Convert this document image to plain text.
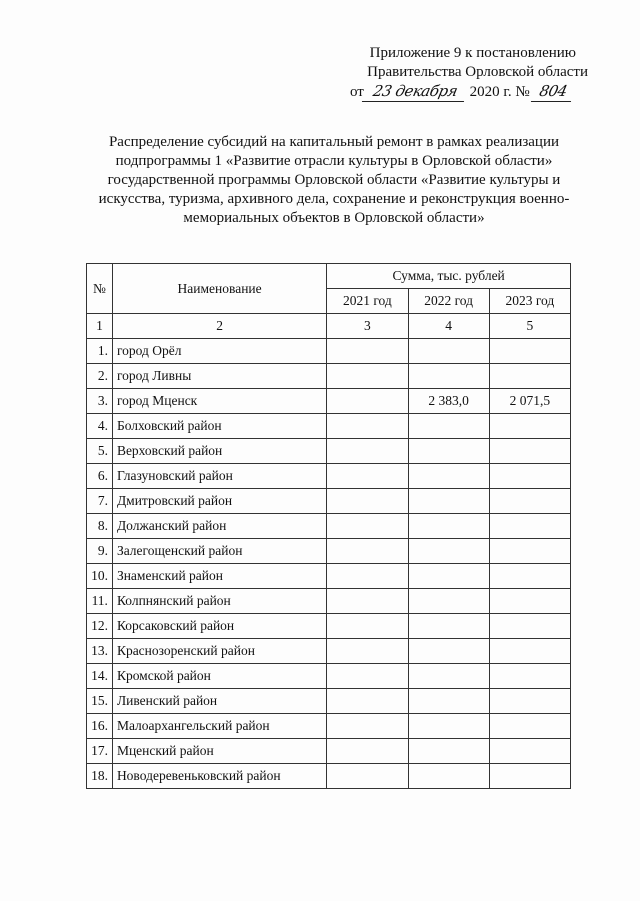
Приложение 9 к постановлению
Правительства Орловской области
от 23 декабря 2020 г. № 804
Распределение субсидий на капитальный ремонт в рамках реализации
подпрограммы 1 «Развитие отрасли культуры в Орловской области»
государственной программы Орловской области «Развитие культуры и
искусства, туризма, архивного дела, сохранение и реконструкция военно-
мемориальных объектов в Орловской области»
№	Наименование	Сумма, тыс. рублей		
		2021 год	2022 год	2023 год
1	2	3	4	5
1.	город Орёл			
2.	город Ливны			
3.	город Мценск		2 383,0	2 071,5
4.	Болховский район			
5.	Верховский район			
6.	Глазуновский район			
7.	Дмитровский район			
8.	Должанский район			
9.	Залегощенский район			
10.	Знаменский район			
11.	Колпнянский район			
12.	Корсаковский район			
13.	Краснозоренский район			
14.	Кромской район			
15.	Ливенский район			
16.	Малоархангельский район			
17.	Мценский район			
18.	Новодеревеньковский район			
